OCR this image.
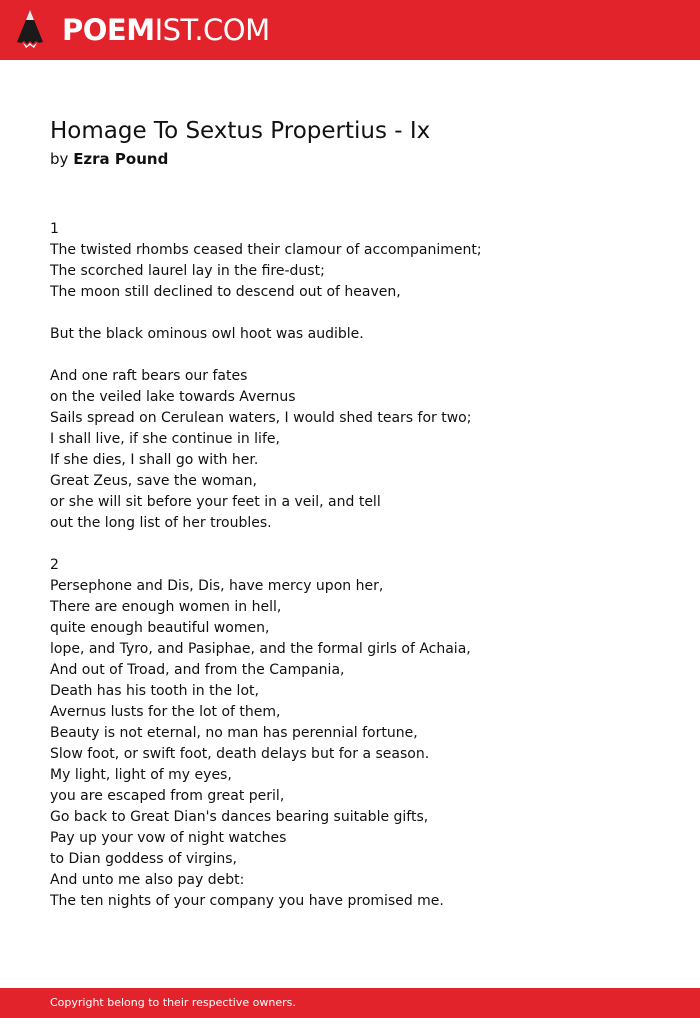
POEMIST.COM
Homage To Sextus Propertius - Ix
by Ezra Pound
1
The twisted rhombs ceased their clamour of accompaniment;
The scorched laurel lay in the fire-dust;
The moon still declined to descend out of heaven,
But the black ominous owl hoot was audible.
And one raft bears our fates
on the veiled lake towards Avernus
Sails spread on Cerulean waters, I would shed tears for two;
I shall live, if she continue in life,
If she dies, I shall go with her.
Great Zeus, save the woman,
or she will sit before your feet in a veil, and tell
out the long list of her troubles.
2
Persephone and Dis, Dis, have mercy upon her,
There are enough women in hell,
quite enough beautiful women,
lope, and Tyro, and Pasiphae, and the formal girls of Achaia,
And out of Troad, and from the Campania,
Death has his tooth in the lot,
Avernus lusts for the lot of them,
Beauty is not eternal, no man has perennial fortune,
Slow foot, or swift foot, death delays but for a season.
My light, light of my eyes,
you are escaped from great peril,
Go back to Great Dian's dances bearing suitable gifts,
Pay up your vow of night watches
to Dian goddess of virgins,
And unto me also pay debt:
The ten nights of your company you have promised me.
Copyright belong to their respective owners.
